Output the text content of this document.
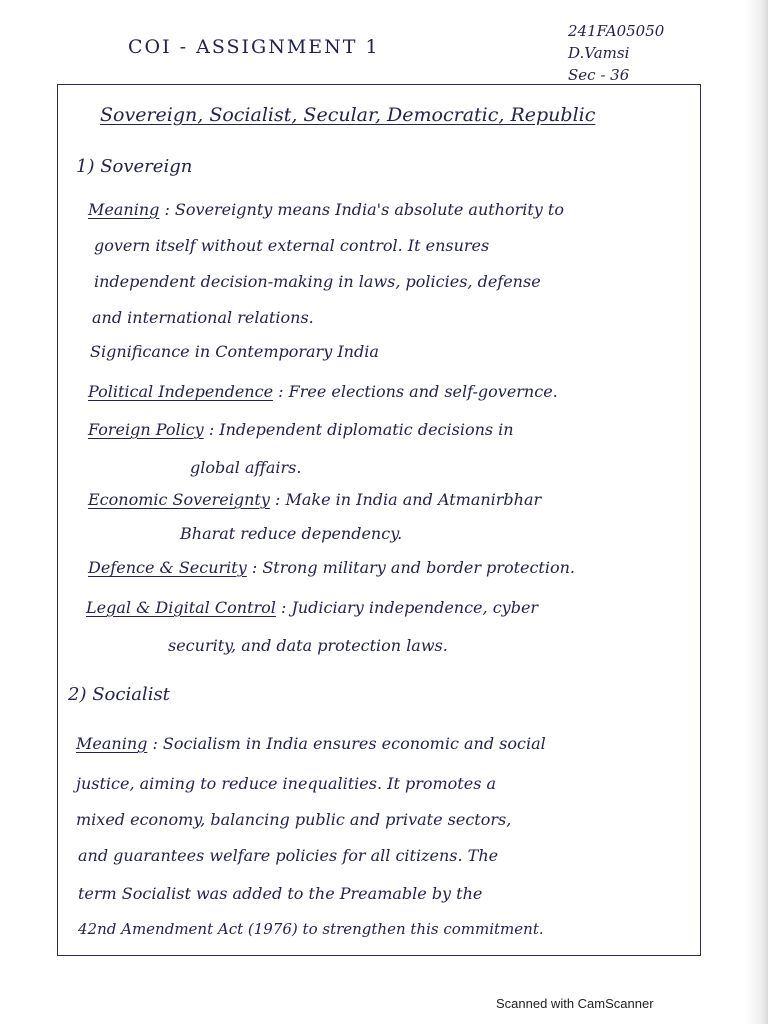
COI - ASSIGNMENT 1
241FA05050
D.Vamsi
Sec - 36
Sovereign, Socialist, Secular, Democratic, Republic
1) Sovereign
Meaning : Sovereignty means India's absolute authority to
govern itself without external control. It ensures
independent decision-making in laws, policies, defense
and international relations.
Significance in Contemporary India
Political Independence : Free elections and self-governce.
Foreign Policy : Independent diplomatic decisions in
global affairs.
Economic Sovereignty : Make in India and Atmanirbhar
Bharat reduce dependency.
Defence & Security : Strong military and border protection.
Legal & Digital Control : Judiciary independence, cyber
security, and data protection laws.
2) Socialist
Meaning : Socialism in India ensures economic and social
justice, aiming to reduce inequalities. It promotes a
mixed economy, balancing public and private sectors,
and guarantees welfare policies for all citizens. The
term Socialist was added to the Preamable by the
42nd Amendment Act (1976) to strengthen this commitment.
Scanned with CamScanner
